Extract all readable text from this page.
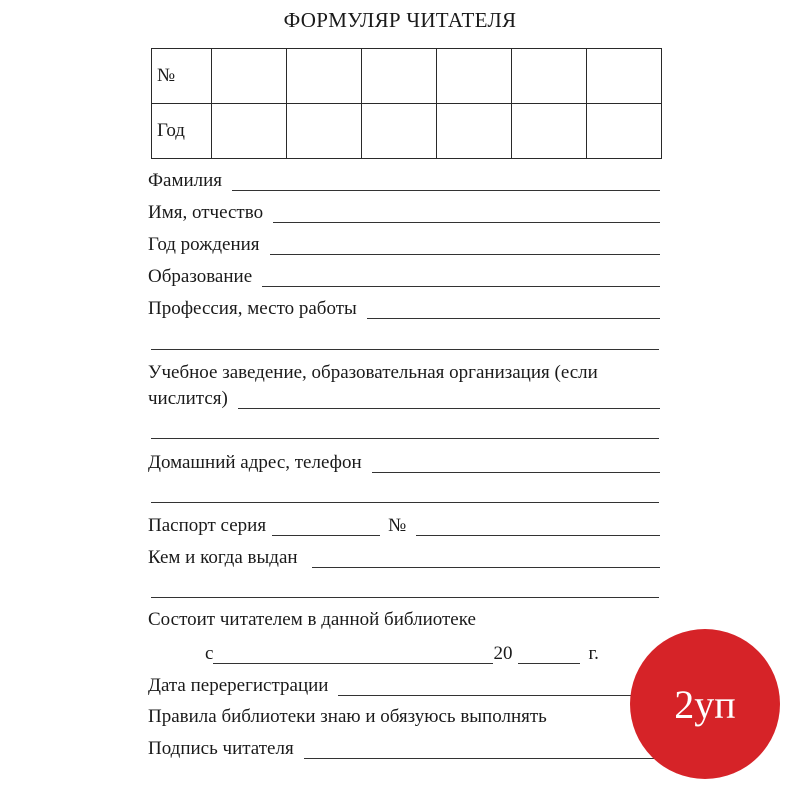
ФОРМУЛЯР ЧИТАТЕЛЯ
№						
Год						
Фамилия
Имя, отчество
Год рождения
Образование
Профессия, место работы
Учебное заведение, образовательная организация (если
числится)
Домашний адрес, телефон
Паспорт серия	№
Кем и когда выдан
Состоит читателем в данной библиотеке
с	20	г.
Дата перерегистрации
Правила библиотеки знаю и обязуюсь выполнять
Подпись читателя
2уп
